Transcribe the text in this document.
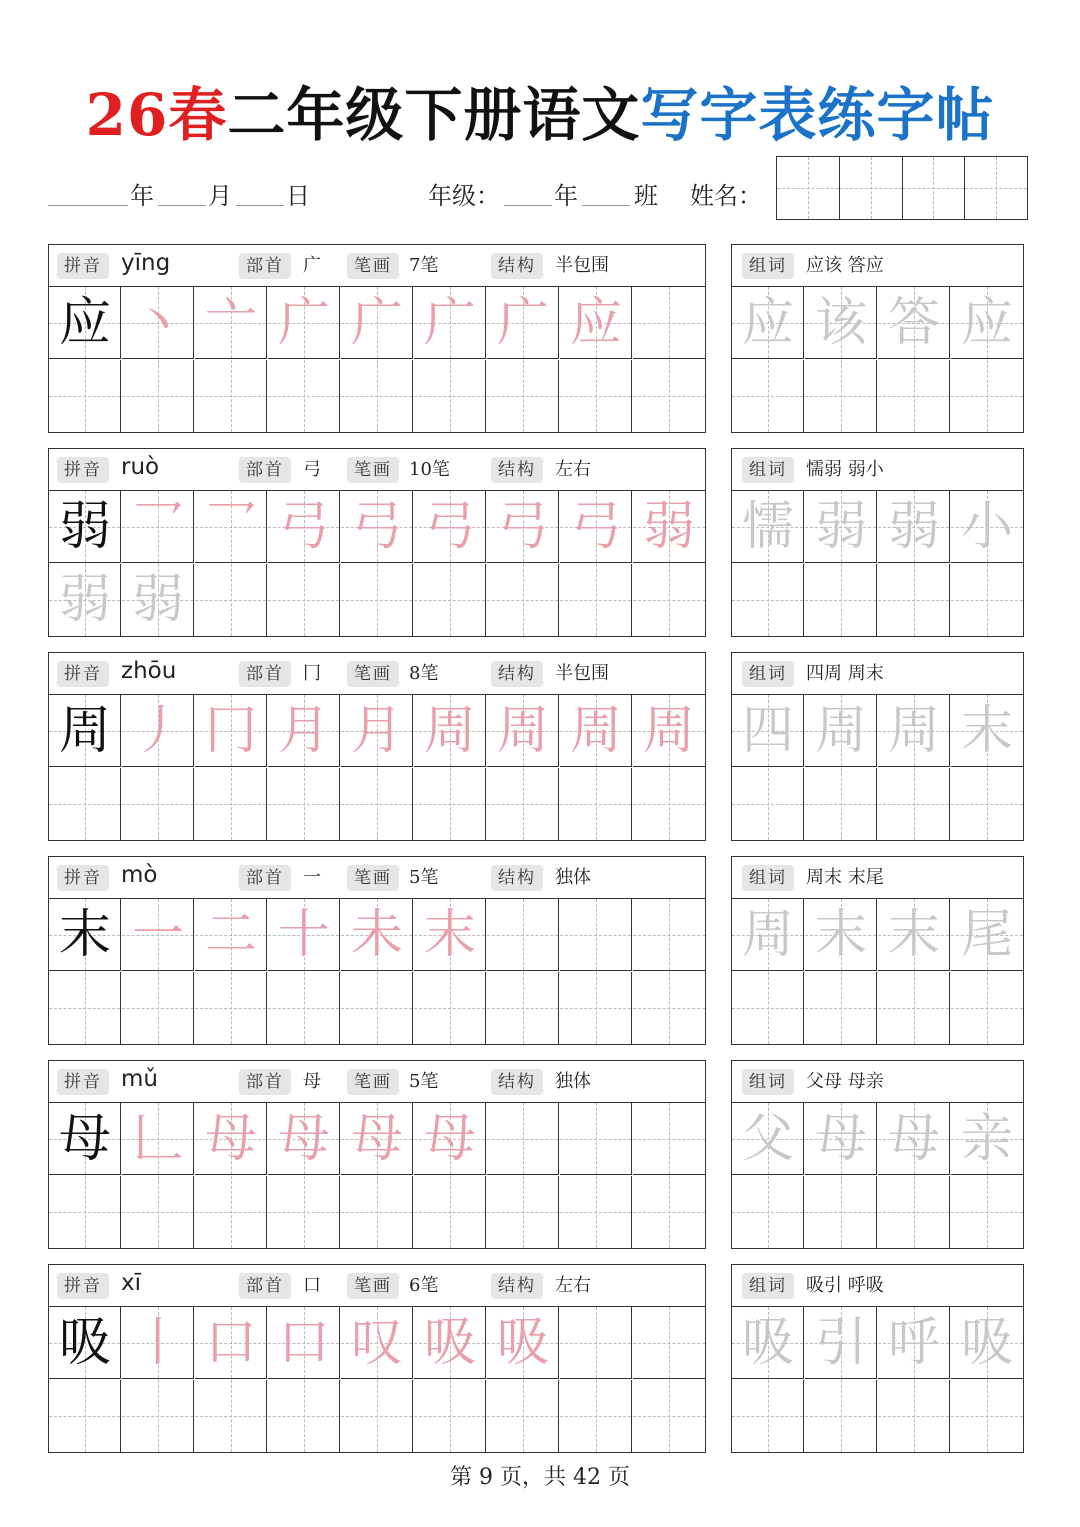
26春二年级下册语文写字表练字帖
年 月 日	年级： 年 班 姓名：
拼音 yīng	部首	广	笔画 7笔	结构	半包围
应 丶 亠 广 广 广 广 应
组词	应该 答应
应 该 答 应
拼音 ruò	部首	弓	笔画 10笔	结构	左右
弱 乛 乛 弓 弓 弓 弓 弓 弱
弱 弱
组词	懦弱 弱小
懦 弱 弱 小
拼音 zhōu	部首	冂	笔画 8笔	结构	半包围
周 丿 冂 月 月 周 周 周 周
组词	四周 周末
四 周 周 末
拼音 mò	部首	一	笔画 5笔	结构	独体
末 一 二 十 未 末
组词	周末 末尾
周 末 末 尾
拼音 mǔ	部首	母	笔画 5笔	结构	独体
母 𠃊 母 母 母 母
组词	父母 母亲
父 母 母 亲
拼音 xī	部首	口	笔画 6笔	结构	左右
吸 丨 口 口 叹 吸 吸
组词	吸引 呼吸
吸 引 呼 吸
第 9 页，共 42 页
